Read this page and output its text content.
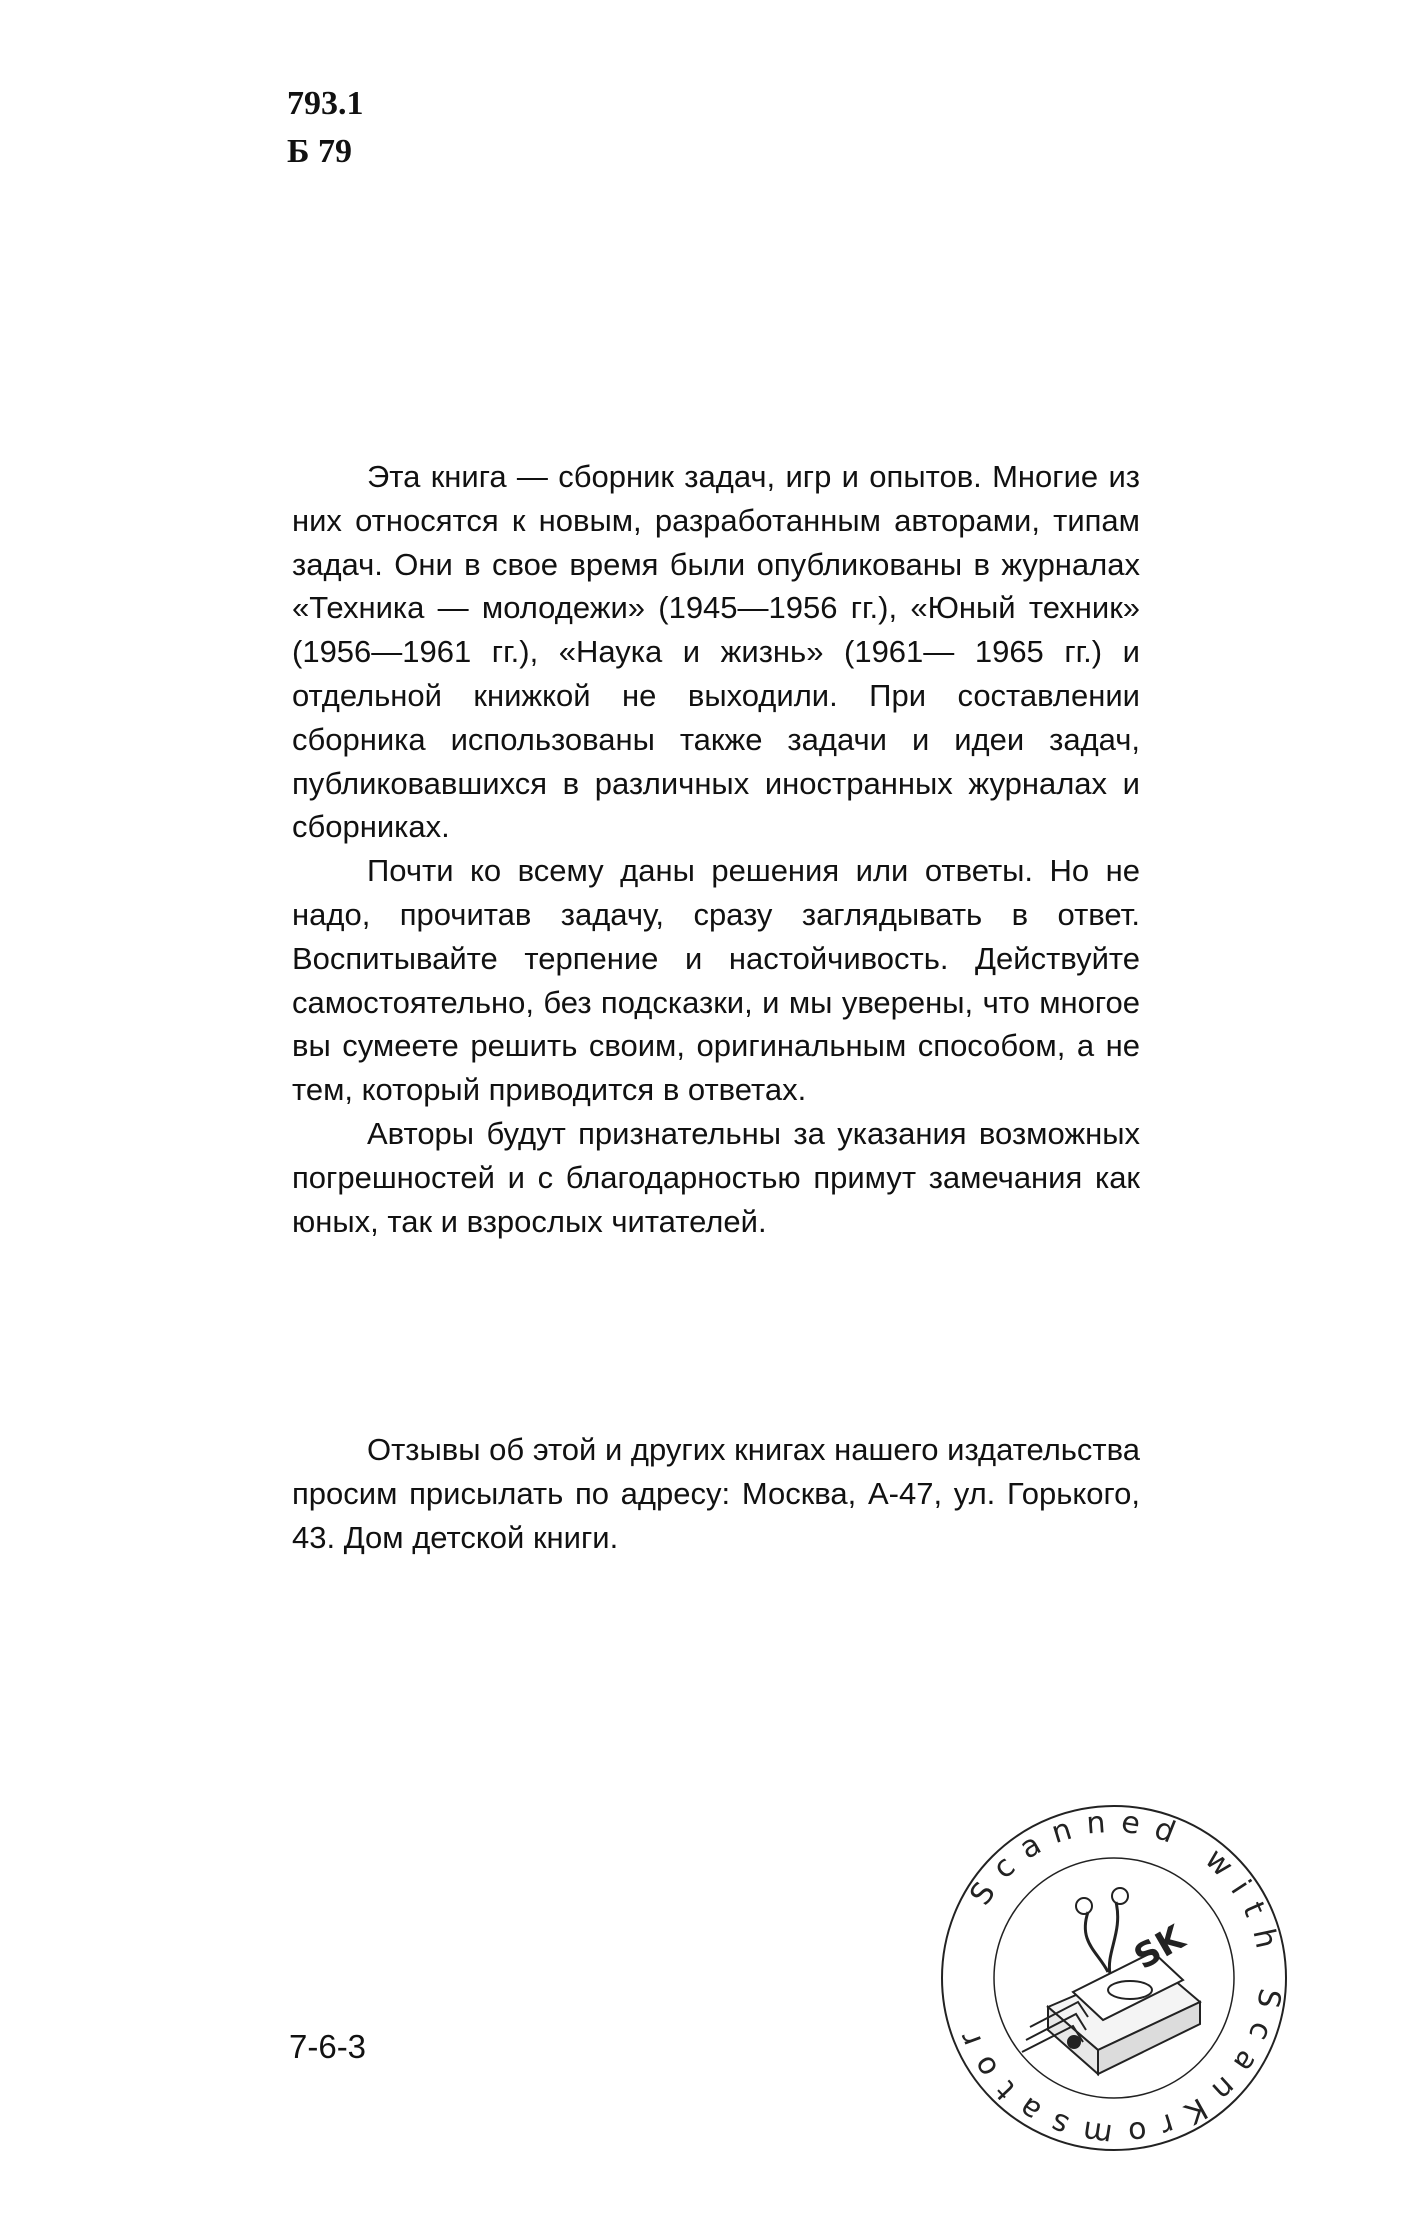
793.1
Б 79

Эта книга — сборник задач, игр и опытов. Многие из них относятся к новым, разработанным авторами, типам задач. Они в свое время были опубликованы в журналах «Техника — молодежи» (1945—1956 гг.), «Юный техник» (1956—1961 гг.), «Наука и жизнь» (1961— 1965 гг.) и отдельной книжкой не выходили. При составлении сборника использованы также задачи и идеи задач, публиковавшихся в различных иностранных журналах и сборниках.

Почти ко всему даны решения или ответы. Но не надо, прочитав задачу, сразу заглядывать в ответ. Воспитывайте терпение и настойчивость. Действуйте самостоятельно, без подсказки, и мы уверены, что многое вы сумеете решить своим, оригинальным способом, а не тем, который приводится в ответах.

Авторы будут признательны за указания возможных погрешностей и с благодарностью примут замечания как юных, так и взрослых читателей.

Отзывы об этой и других книгах нашего издательства просим присылать по адресу: Москва, А-47, ул. Горького, 43. Дом детской книги.

7-6-3
Scanned with ScanKromsator
SK
